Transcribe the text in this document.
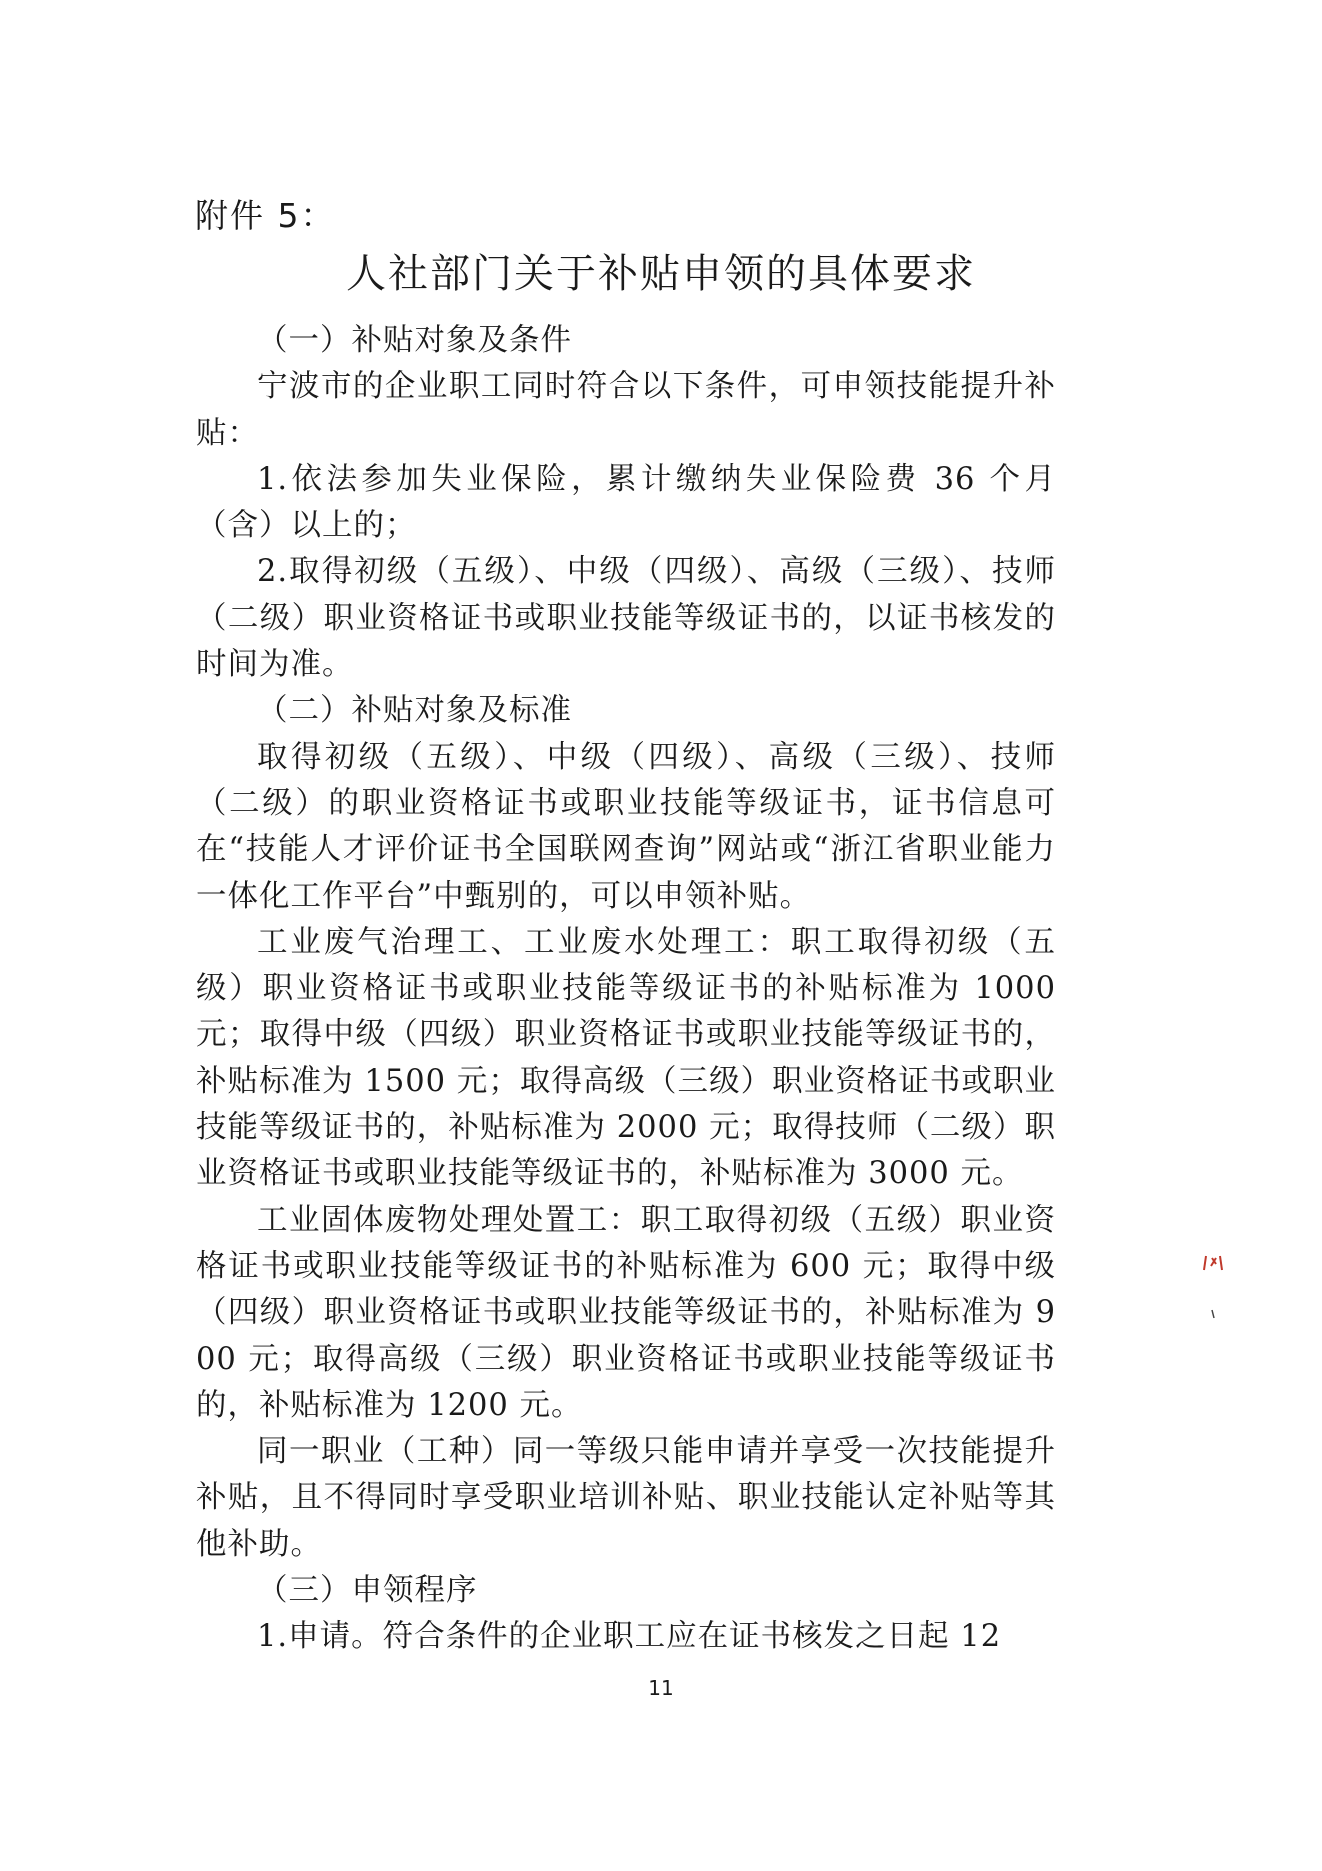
附件 5：
人社部门关于补贴申领的具体要求

（一）补贴对象及条件

宁波市的企业职工同时符合以下条件，可申领技能提升补贴：

1.依法参加失业保险，累计缴纳失业保险费 36 个月（含）以上的；

2.取得初级（五级）、中级（四级）、高级（三级）、技师（二级）职业资格证书或职业技能等级证书的，以证书核发的时间为准。

（二）补贴对象及标准

取得初级（五级）、中级（四级）、高级（三级）、技师（二级）的职业资格证书或职业技能等级证书，证书信息可在“技能人才评价证书全国联网查询”网站或“浙江省职业能力一体化工作平台”中甄别的，可以申领补贴。

工业废气治理工、工业废水处理工：职工取得初级（五级）职业资格证书或职业技能等级证书的补贴标准为 1000 元；取得中级（四级）职业资格证书或职业技能等级证书的，补贴标准为 1500 元；取得高级（三级）职业资格证书或职业技能等级证书的，补贴标准为 2000 元；取得技师（二级）职业资格证书或职业技能等级证书的，补贴标准为 3000 元。

工业固体废物处理处置工：职工取得初级（五级）职业资格证书或职业技能等级证书的补贴标准为 600 元；取得中级（四级）职业资格证书或职业技能等级证书的，补贴标准为 900 元；取得高级（三级）职业资格证书或职业技能等级证书的，补贴标准为 1200 元。

同一职业（工种）同一等级只能申请并享受一次技能提升补贴，且不得同时享受职业培训补贴、职业技能认定补贴等其他补助。

（三）申领程序

1.申请。符合条件的企业职工应在证书核发之日起 12

11
